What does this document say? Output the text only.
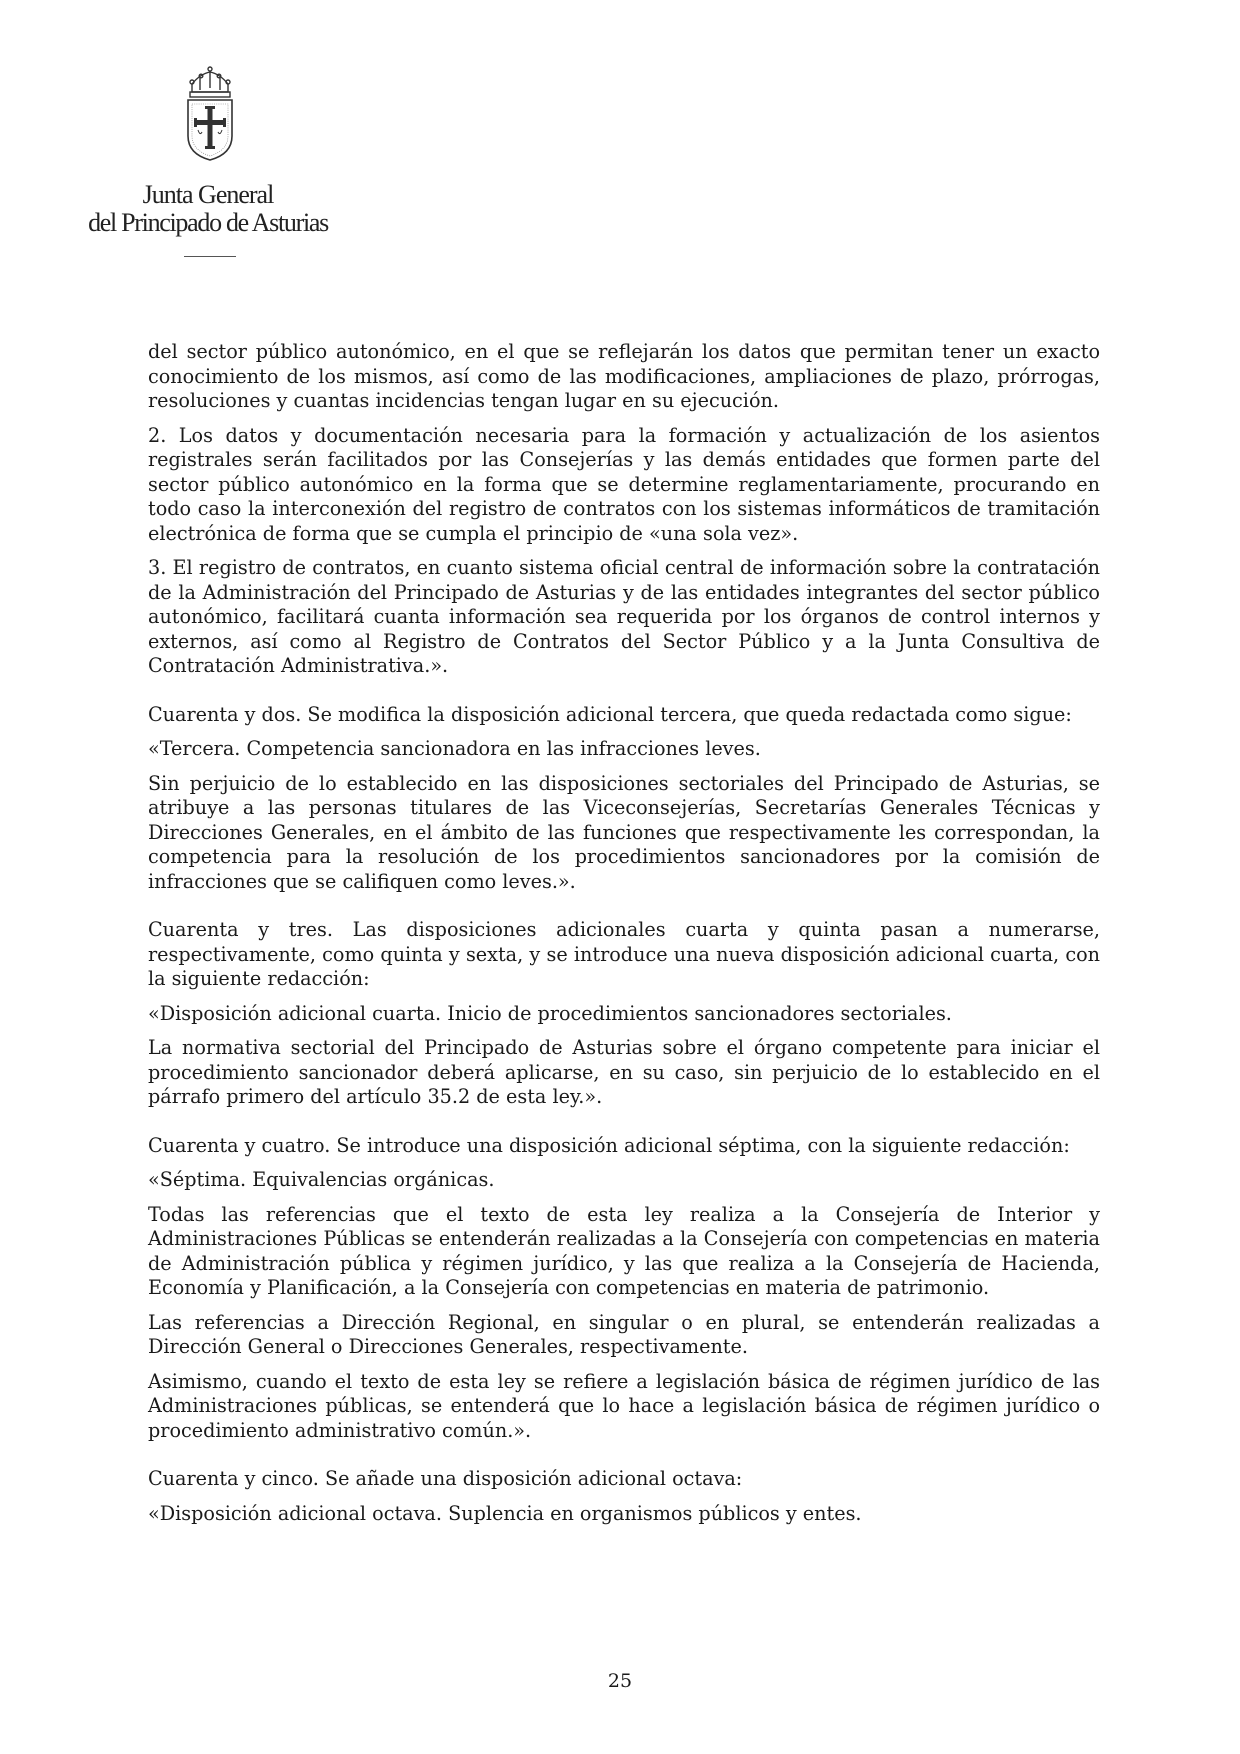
Junta General
del Principado de Asturias

del sector público autonómico, en el que se reflejarán los datos que permitan tener un exacto conocimiento de los mismos, así como de las modificaciones, ampliaciones de plazo, prórrogas, resoluciones y cuantas incidencias tengan lugar en su ejecución.

2. Los datos y documentación necesaria para la formación y actualización de los asientos registrales serán facilitados por las Consejerías y las demás entidades que formen parte del sector público autonómico en la forma que se determine reglamentariamente, procurando en todo caso la interconexión del registro de contratos con los sistemas informáticos de tramitación electrónica de forma que se cumpla el principio de «una sola vez».

3. El registro de contratos, en cuanto sistema oficial central de información sobre la contratación de la Administración del Principado de Asturias y de las entidades integrantes del sector público autonómico, facilitará cuanta información sea requerida por los órganos de control internos y externos, así como al Registro de Contratos del Sector Público y a la Junta Consultiva de Contratación Administrativa.».

Cuarenta y dos. Se modifica la disposición adicional tercera, que queda redactada como sigue:

«Tercera. Competencia sancionadora en las infracciones leves.

Sin perjuicio de lo establecido en las disposiciones sectoriales del Principado de Asturias, se atribuye a las personas titulares de las Viceconsejerías, Secretarías Generales Técnicas y Direcciones Generales, en el ámbito de las funciones que respectivamente les correspondan, la competencia para la resolución de los procedimientos sancionadores por la comisión de infracciones que se califiquen como leves.».

Cuarenta y tres. Las disposiciones adicionales cuarta y quinta pasan a numerarse, respectivamente, como quinta y sexta, y se introduce una nueva disposición adicional cuarta, con la siguiente redacción:

«Disposición adicional cuarta. Inicio de procedimientos sancionadores sectoriales.

La normativa sectorial del Principado de Asturias sobre el órgano competente para iniciar el procedimiento sancionador deberá aplicarse, en su caso, sin perjuicio de lo establecido en el párrafo primero del artículo 35.2 de esta ley.».

Cuarenta y cuatro. Se introduce una disposición adicional séptima, con la siguiente redacción:

«Séptima. Equivalencias orgánicas.

Todas las referencias que el texto de esta ley realiza a la Consejería de Interior y Administraciones Públicas se entenderán realizadas a la Consejería con competencias en materia de Administración pública y régimen jurídico, y las que realiza a la Consejería de Hacienda, Economía y Planificación, a la Consejería con competencias en materia de patrimonio.

Las referencias a Dirección Regional, en singular o en plural, se entenderán realizadas a Dirección General o Direcciones Generales, respectivamente.

Asimismo, cuando el texto de esta ley se refiere a legislación básica de régimen jurídico de las Administraciones públicas, se entenderá que lo hace a legislación básica de régimen jurídico o procedimiento administrativo común.».

Cuarenta y cinco. Se añade una disposición adicional octava:

«Disposición adicional octava. Suplencia en organismos públicos y entes.

25
